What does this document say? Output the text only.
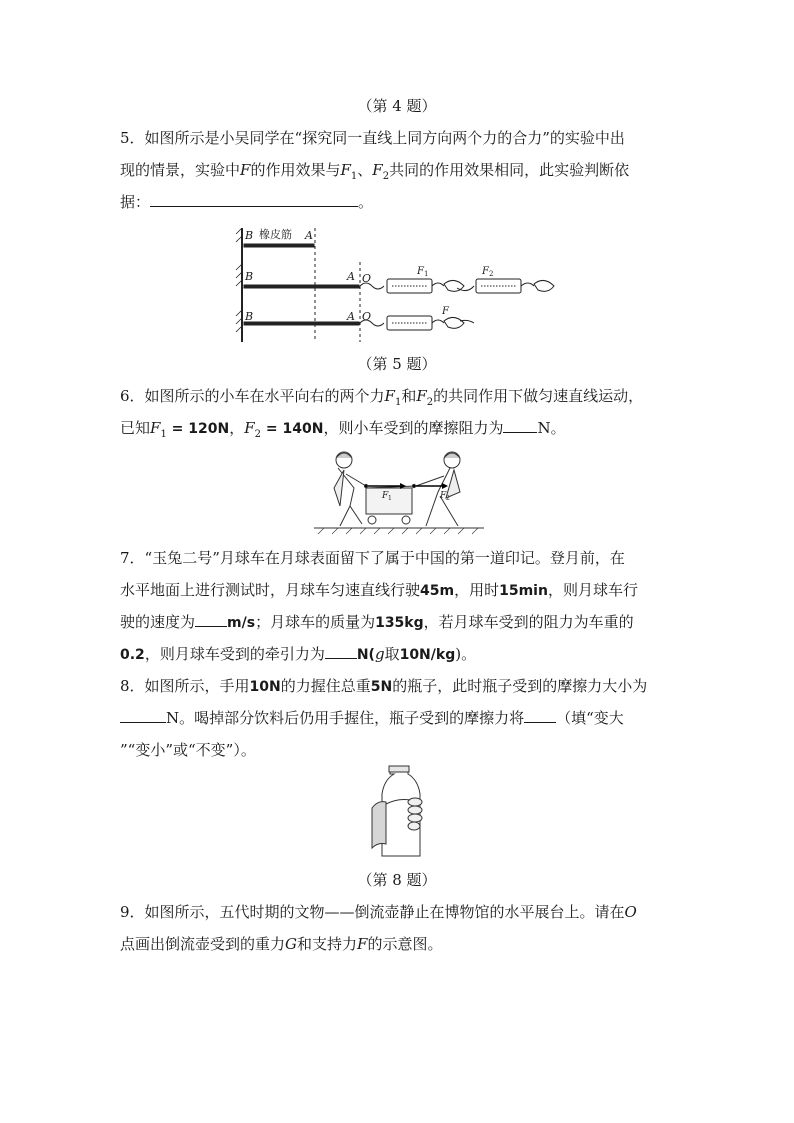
（第 4 题）
5．如图所示是小吴同学在“探究同一直线上同方向两个力的合力”的实验中出
现的情景，实验中F的作用效果与$F_1$、$F_2$共同的作用效果相同，此实验判断依
据：	。
B 橡皮筋 A
B	A O
F 1	F 2
B	A O	F
（第 5 题）
6．如图所示的小车在水平向右的两个力$F_1$和$F_2$的共同作用下做匀速直线运动，
已知$F_1 = 120N$，$F_2 = 140N$，则小车受到的摩擦阻力为 N。
F 1	F 2
7．“玉兔二号”月球车在月球表面留下了属于中国的第一道印记。登月前，在
水平地面上进行测试时，月球车匀速直线行驶45m，用时15min，则月球车行
驶的速度为 m/s；月球车的质量为135kg，若月球车受到的阻力为车重的
0.2，则月球车受到的牵引力为 N(g取10N/kg)。
8．如图所示，手用10N的力握住总重5N的瓶子，此时瓶子受到的摩擦力大小为
N。喝掉部分饮料后仍用手握住，瓶子受到的摩擦力将 （填“变大
”“变小”或“不变”）。
（第 8 题）
9．如图所示，五代时期的文物——倒流壶静止在博物馆的水平展台上。请在O
点画出倒流壶受到的重力G和支持力F的示意图。
